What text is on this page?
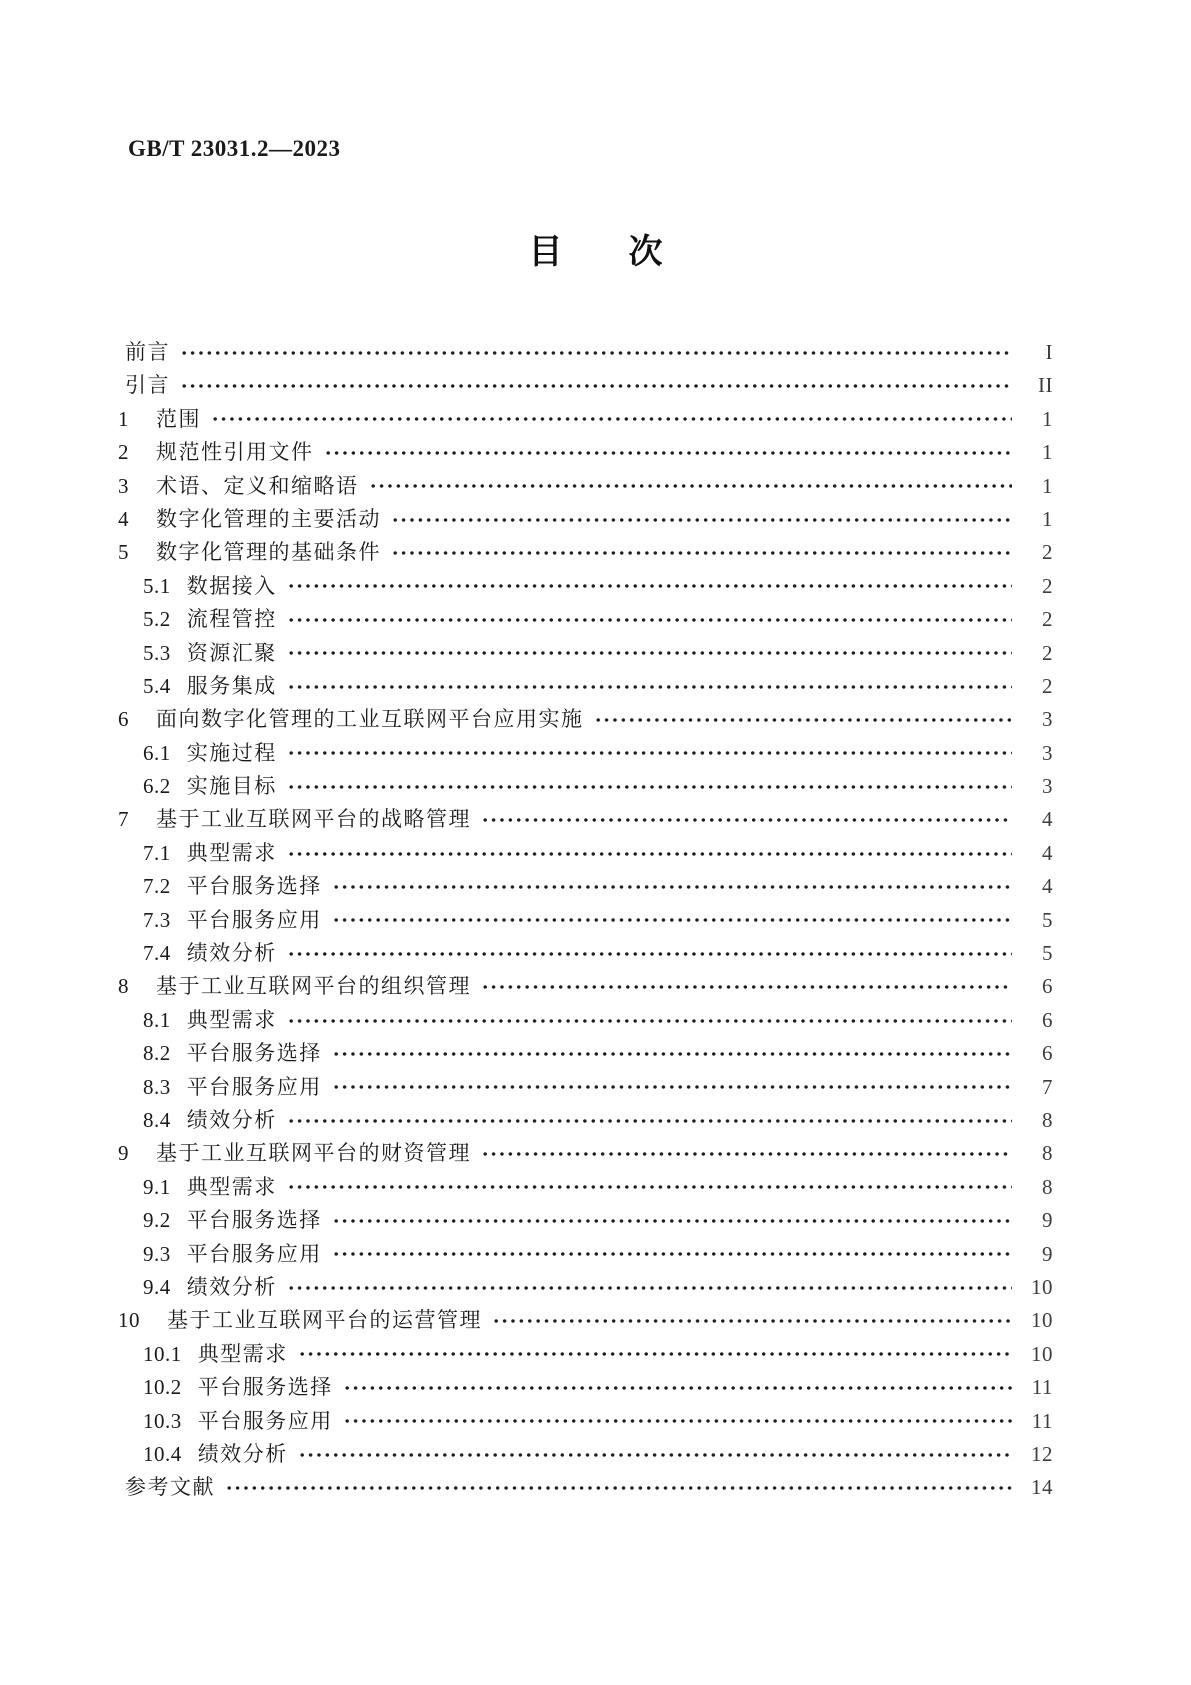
GB/T 23031.2—2023
目 次
前言	I
引言	II
1 范围	1
2 规范性引用文件	1
3 术语、定义和缩略语	1
4 数字化管理的主要活动	1
5 数字化管理的基础条件	2
5.1 数据接入	2
5.2 流程管控	2
5.3 资源汇聚	2
5.4 服务集成	2
6 面向数字化管理的工业互联网平台应用实施	3
6.1 实施过程	3
6.2 实施目标	3
7 基于工业互联网平台的战略管理	4
7.1 典型需求	4
7.2 平台服务选择	4
7.3 平台服务应用	5
7.4 绩效分析	5
8 基于工业互联网平台的组织管理	6
8.1 典型需求	6
8.2 平台服务选择	6
8.3 平台服务应用	7
8.4 绩效分析	8
9 基于工业互联网平台的财资管理	8
9.1 典型需求	8
9.2 平台服务选择	9
9.3 平台服务应用	9
9.4 绩效分析	10
10 基于工业互联网平台的运营管理	10
10.1 典型需求	10
10.2 平台服务选择	11
10.3 平台服务应用	11
10.4 绩效分析	12
参考文献	14
